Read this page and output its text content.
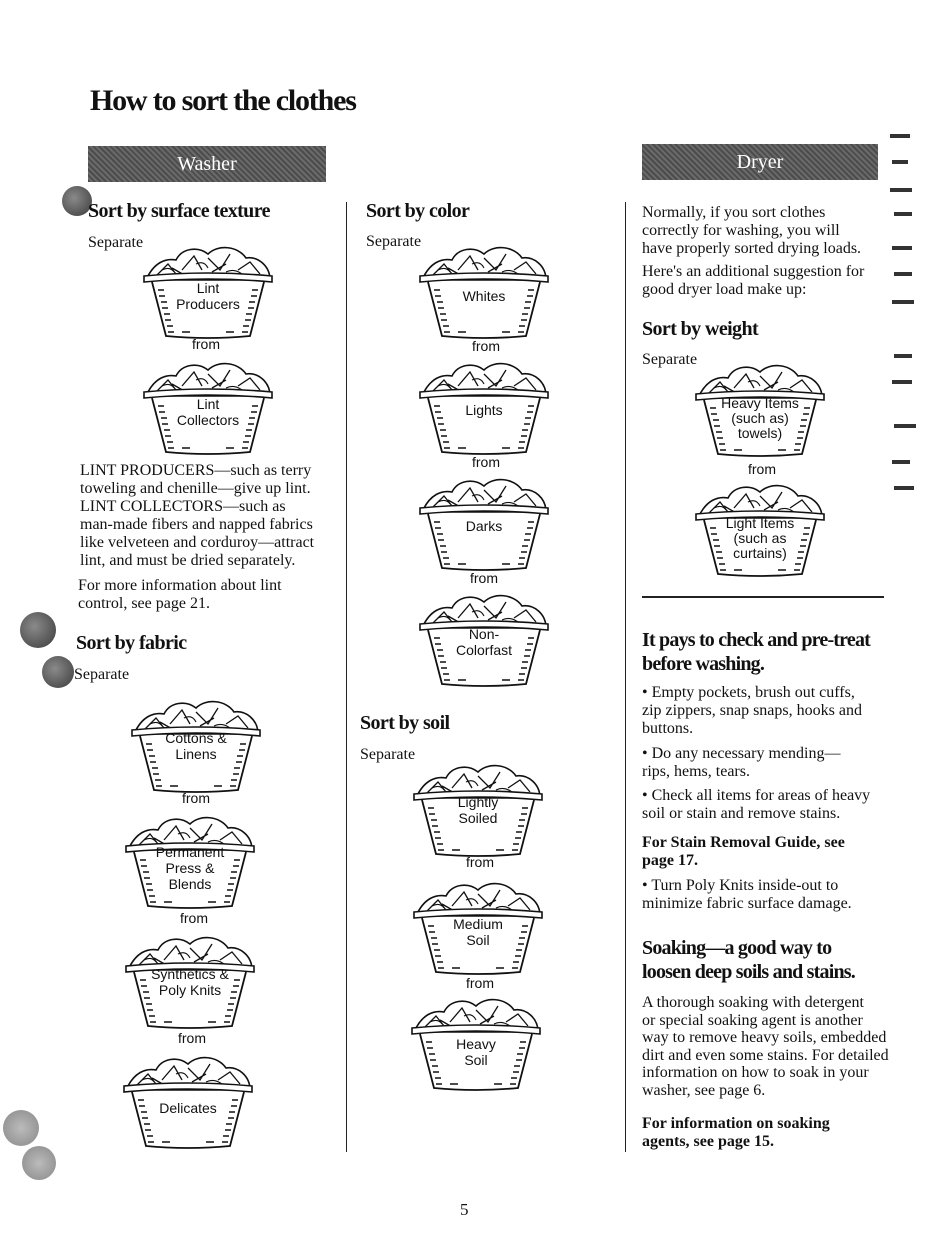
How to sort the clothes
Washer	Dryer
Sort by surface texture

Separate

Lint
Producers
from
Lint
Collectors
LINT PRODUCERS—such as terry
toweling and chenille—give up lint.
LINT COLLECTORS—such as
man-made fibers and napped fabrics
like velveteen and corduroy—attract
lint, and must be dried separately.
For more information about lint
control, see page 21.
Sort by fabric

Separate

Cottons &
Linens
from
Permanent
Press &
Blends
from
Synthetics &
Poly Knits
from
Delicates
Sort by color

Separate

Whites
from
Lights
from
Darks
from
Non-
Colorfast
Sort by soil

Separate

Lightly
Soiled
from
Medium
Soil
from
Heavy
Soil
Normally, if you sort clothes
correctly for washing, you will
have properly sorted drying loads.
Here's an additional suggestion for
good dryer load make up:
Sort by weight

Separate

Heavy Items
(such as)
towels)
from
Light Items
(such as
curtains)
It pays to check and pre-treat
before washing.
• Empty pockets, brush out cuffs,
zip zippers, snap snaps, hooks and
buttons.
• Do any necessary mending—
rips, hems, tears.
• Check all items for areas of heavy
soil or stain and remove stains.
For Stain Removal Guide, see
page 17.
• Turn Poly Knits inside-out to
minimize fabric surface damage.
Soaking—a good way to
loosen deep soils and stains.
A thorough soaking with detergent
or special soaking agent is another
way to remove heavy soils, embedded
dirt and even some stains. For detailed
information on how to soak in your
washer, see page 6.
For information on soaking
agents, see page 15.
5
